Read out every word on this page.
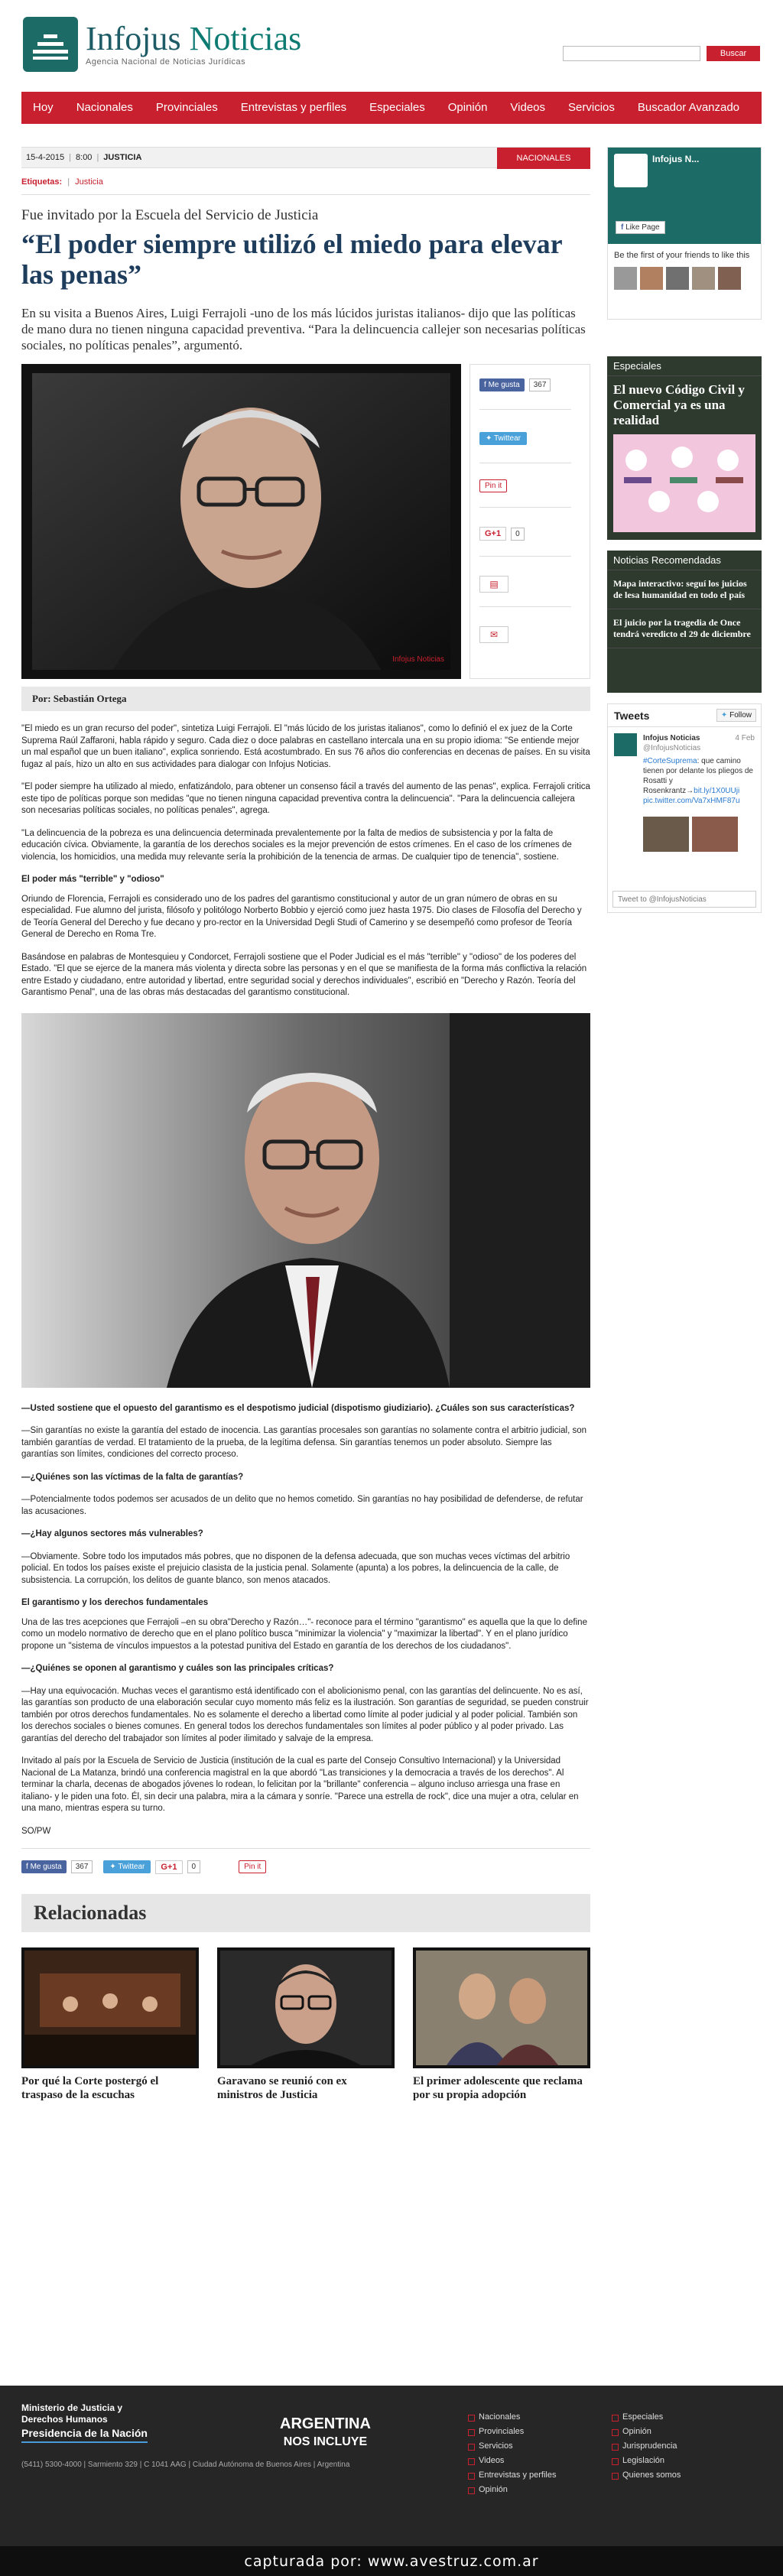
Infojus Noticias
Agencia Nacional de Noticias Jurídicas
Buscar
Hoy	Nacionales	Provinciales	Entrevistas y perfiles	Especiales	Opinión	Videos	Servicios	Buscador Avanzado
15-4-2015 | 8:00 | JUSTICIA	NACIONALES
Etiquetas: | Justicia
Fue invitado por la Escuela del Servicio de Justicia
“El poder siempre utilizó el miedo para elevar las penas”
En su visita a Buenos Aires, Luigi Ferrajoli -uno de los más lúcidos juristas italianos- dijo que las políticas de mano dura no tienen ninguna capacidad preventiva. “Para la delincuencia callejer son necesarias políticas sociales, no políticas penales”, argumentó.
Infojus Noticias
f Me gusta	367
✦ Twittear
Pin it
G+1	0
▤
✉
Por: Sebastián Ortega

"El miedo es un gran recurso del poder", sintetiza Luigi Ferrajoli. El "más lúcido de los juristas italianos", como lo definió el ex juez de la Corte Suprema Raúl Zaffaroni, habla rápido y seguro. Cada diez o doce palabras en castellano intercala una en su propio idioma: "Se entiende mejor un mal español que un buen italiano", explica sonriendo. Está acostumbrado. En sus 76 años dio conferencias en decenas de países. En su visita fugaz al país, hizo un alto en sus actividades para dialogar con Infojus Noticias.

"El poder siempre ha utilizado al miedo, enfatizándolo, para obtener un consenso fácil a través del aumento de las penas", explica. Ferrajoli critica este tipo de políticas porque son medidas "que no tienen ninguna capacidad preventiva contra la delincuencia". "Para la delincuencia callejera son necesarias políticas sociales, no políticas penales", agrega.

"La delincuencia de la pobreza es una delincuencia determinada prevalentemente por la falta de medios de subsistencia y por la falta de educación cívica. Obviamente, la garantía de los derechos sociales es la mejor prevención de estos crímenes. En el caso de los crímenes de violencia, los homicidios, una medida muy relevante sería la prohibición de la tenencia de armas. De cualquier tipo de tenencia", sostiene.

El poder más "terrible" y "odioso"

Oriundo de Florencia, Ferrajoli es considerado uno de los padres del garantismo constitucional y autor de un gran número de obras en su especialidad. Fue alumno del jurista, filósofo y politólogo Norberto Bobbio y ejerció como juez hasta 1975. Dio clases de Filosofía del Derecho y de Teoría General del Derecho y fue decano y pro-rector en la Universidad Degli Studi of Camerino y se desempeñó como profesor de Teoría General de Derecho en Roma Tre.

Basándose en palabras de Montesquieu y Condorcet, Ferrajoli sostiene que el Poder Judicial es el más "terrible" y "odioso" de los poderes del Estado. "El que se ejerce de la manera más violenta y directa sobre las personas y en el que se manifiesta de la forma más conflictiva la relación entre Estado y ciudadano, entre autoridad y libertad, entre seguridad social y derechos individuales", escribió en "Derecho y Razón. Teoría del Garantismo Penal", una de las obras más destacadas del garantismo constitucional.

—Usted sostiene que el opuesto del garantismo es el despotismo judicial (dispotismo giudiziario). ¿Cuáles son sus características?

—Sin garantías no existe la garantía del estado de inocencia. Las garantías procesales son garantías no solamente contra el arbitrio judicial, son también garantías de verdad. El tratamiento de la prueba, de la legítima defensa. Sin garantías tenemos un poder absoluto. Siempre las garantías son límites, condiciones del correcto proceso.

—¿Quiénes son las víctimas de la falta de garantías?

—Potencialmente todos podemos ser acusados de un delito que no hemos cometido. Sin garantías no hay posibilidad de defenderse, de refutar las acusaciones.

—¿Hay algunos sectores más vulnerables?

—Obviamente. Sobre todo los imputados más pobres, que no disponen de la defensa adecuada, que son muchas veces víctimas del arbitrio policial. En todos los países existe el prejuicio clasista de la justicia penal. Solamente (apunta) a los pobres, la delincuencia de la calle, de subsistencia. La corrupción, los delitos de guante blanco, son menos atacados.

El garantismo y los derechos fundamentales

Una de las tres acepciones que Ferrajoli –en su obra"Derecho y Razón…"- reconoce para el término "garantismo" es aquella que la que lo define como un modelo normativo de derecho que en el plano político busca "minimizar la violencia" y "maximizar la libertad". Y en el plano jurídico propone un "sistema de vínculos impuestos a la potestad punitiva del Estado en garantía de los derechos de los ciudadanos".

—¿Quiénes se oponen al garantismo y cuáles son las principales críticas?

—Hay una equivocación. Muchas veces el garantismo está identificado con el abolicionismo penal, con las garantías del delincuente. No es así, las garantías son producto de una elaboración secular cuyo momento más feliz es la ilustración. Son garantías de seguridad, se pueden construir también por otros derechos fundamentales. No es solamente el derecho a libertad como límite al poder judicial y al poder policial. También son los derechos sociales o bienes comunes. En general todos los derechos fundamentales son límites al poder público y al poder privado. Las garantías del derecho del trabajador son límites al poder ilimitado y salvaje de la empresa.

Invitado al país por la Escuela de Servicio de Justicia (institución de la cual es parte del Consejo Consultivo Internacional) y la Universidad Nacional de La Matanza, brindó una conferencia magistral en la que abordó "Las transiciones y la democracia a través de los derechos". Al terminar la charla, decenas de abogados jóvenes lo rodean, lo felicitan por la "brillante" conferencia – alguno incluso arriesga una frase en italiano- y le piden una foto. Él, sin decir una palabra, mira a la cámara y sonríe. "Parece una estrella de rock", dice una mujer a otra, celular en una mano, mientras espera su turno.

SO/PW

f Me gusta	367	✦ Twittear	G+1	0	Pin it
Relacionadas
Por qué la Corte postergó el traspaso de la escuchas
Garavano se reunió con ex ministros de Justicia
El primer adolescente que reclama por su propia adopción
Infojus N...
f Like Page
Be the first of your friends to like this
Especiales
El nuevo Código Civil y Comercial ya es una realidad
Noticias Recomendadas
Mapa interactivo: seguí los juicios de lesa humanidad en todo el país
El juicio por la tragedia de Once tendrá veredicto el 29 de diciembre
Tweets	✦ Follow
Infojus Noticias
@InfojusNoticias
4 Feb
#CorteSuprema: que camino tienen por delante los pliegos de Rosatti y Rosenkrantz→bit.ly/1X0UUji pic.twitter.com/Va7xHMF87u
Tweet to @InfojusNoticias
Ministerio de Justicia y Derechos Humanos
Presidencia de la Nación
ARGENTINA
NOS INCLUYE
(5411) 5300-4000 | Sarmiento 329 | C 1041 AAG | Ciudad Autónoma de Buenos Aires | Argentina
Nacionales
Provinciales
Servicios
Videos
Entrevistas y perfiles
Opinión
Especiales
Opinión
Jurisprudencia
Legislación
Quienes somos
capturada por: www.avestruz.com.ar
